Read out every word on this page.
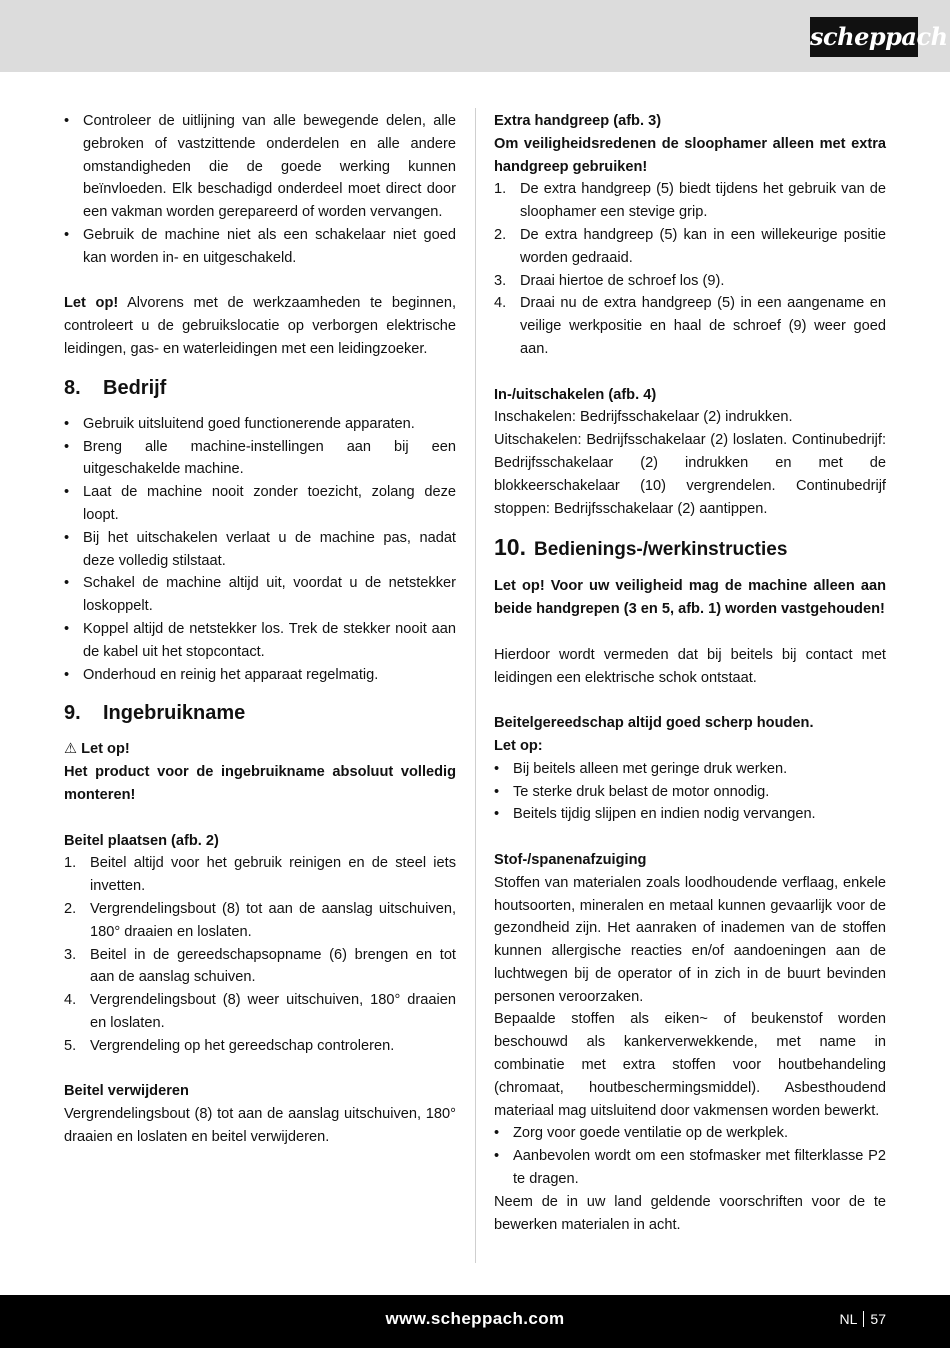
scheppach
• Controleer de uitlijning van alle bewegende delen, alle gebroken of vastzittende onderdelen en alle andere omstandigheden die de goede werking kunnen beïnvloeden. Elk beschadigd onderdeel moet direct door een vakman worden gerepareerd of worden vervangen.
• Gebruik de machine niet als een schakelaar niet goed kan worden in- en uitgeschakeld.

Let op! Alvorens met de werkzaamheden te beginnen, controleert u de gebruikslocatie op verborgen elektrische leidingen, gas- en waterleidingen met een leidingzoeker.

8. Bedrijf
• Gebruik uitsluitend goed functionerende apparaten.
• Breng alle machine-instellingen aan bij een uitgeschakelde machine.
• Laat de machine nooit zonder toezicht, zolang deze loopt.
• Bij het uitschakelen verlaat u de machine pas, nadat deze volledig stilstaat.
• Schakel de machine altijd uit, voordat u de netstekker loskoppelt.
• Koppel altijd de netstekker los. Trek de stekker nooit aan de kabel uit het stopcontact.
• Onderhoud en reinig het apparaat regelmatig.
9. Ingebruikname

⚠ Let op!

Het product voor de ingebruikname absoluut volledig monteren!

Beitel plaatsen (afb. 2)

1. Beitel altijd voor het gebruik reinigen en de steel iets invetten.
2. Vergrendelingsbout (8) tot aan de aanslag uitschuiven, 180° draaien en loslaten.
3. Beitel in de gereedschapsopname (6) brengen en tot aan de aanslag schuiven.
4. Vergrendelingsbout (8) weer uitschuiven, 180° draaien en loslaten.
5. Vergrendeling op het gereedschap controleren.

Beitel verwijderen

Vergrendelingsbout (8) tot aan de aanslag uitschuiven, 180° draaien en loslaten en beitel verwijderen.

Extra handgreep (afb. 3)

Om veiligheidsredenen de sloophamer alleen met extra handgreep gebruiken!

1. De extra handgreep (5) biedt tijdens het gebruik van de sloophamer een stevige grip.
2. De extra handgreep (5) kan in een willekeurige positie worden gedraaid.
3. Draai hiertoe de schroef los (9).
4. Draai nu de extra handgreep (5) in een aangename en veilige werkpositie en haal de schroef (9) weer goed aan.

In-/uitschakelen (afb. 4)

Inschakelen: Bedrijfsschakelaar (2) indrukken.

Uitschakelen: Bedrijfsschakelaar (2) loslaten. Continubedrijf: Bedrijfsschakelaar (2) indrukken en met de blokkeerschakelaar (10) vergrendelen. Continubedrijf stoppen: Bedrijfsschakelaar (2) aantippen.

10. Bedienings-/werkinstructies

Let op! Voor uw veiligheid mag de machine alleen aan beide handgrepen (3 en 5, afb. 1) worden vastgehouden!

Hierdoor wordt vermeden dat bij beitels bij contact met leidingen een elektrische schok ontstaat.

Beitelgereedschap altijd goed scherp houden.

Let op:

• Bij beitels alleen met geringe druk werken.
• Te sterke druk belast de motor onnodig.
• Beitels tijdig slijpen en indien nodig vervangen.

Stof-/spanenafzuiging

Stoffen van materialen zoals loodhoudende verflaag, enkele houtsoorten, mineralen en metaal kunnen gevaarlijk voor de gezondheid zijn. Het aanraken of inademen van de stoffen kunnen allergische reacties en/of aandoeningen aan de luchtwegen bij de operator of in zich in de buurt bevinden personen veroorzaken.

Bepaalde stoffen als eiken~ of beukenstof worden beschouwd als kankerverwekkende, met name in combinatie met extra stoffen voor houtbehandeling (chromaat, houtbeschermingsmiddel). Asbesthoudend materiaal mag uitsluitend door vakmensen worden bewerkt.

• Zorg voor goede ventilatie op de werkplek.
• Aanbevolen wordt om een stofmasker met filterklasse P2 te dragen.

Neem de in uw land geldende voorschriften voor de te bewerken materialen in acht.

www.scheppach.com	NL 57
